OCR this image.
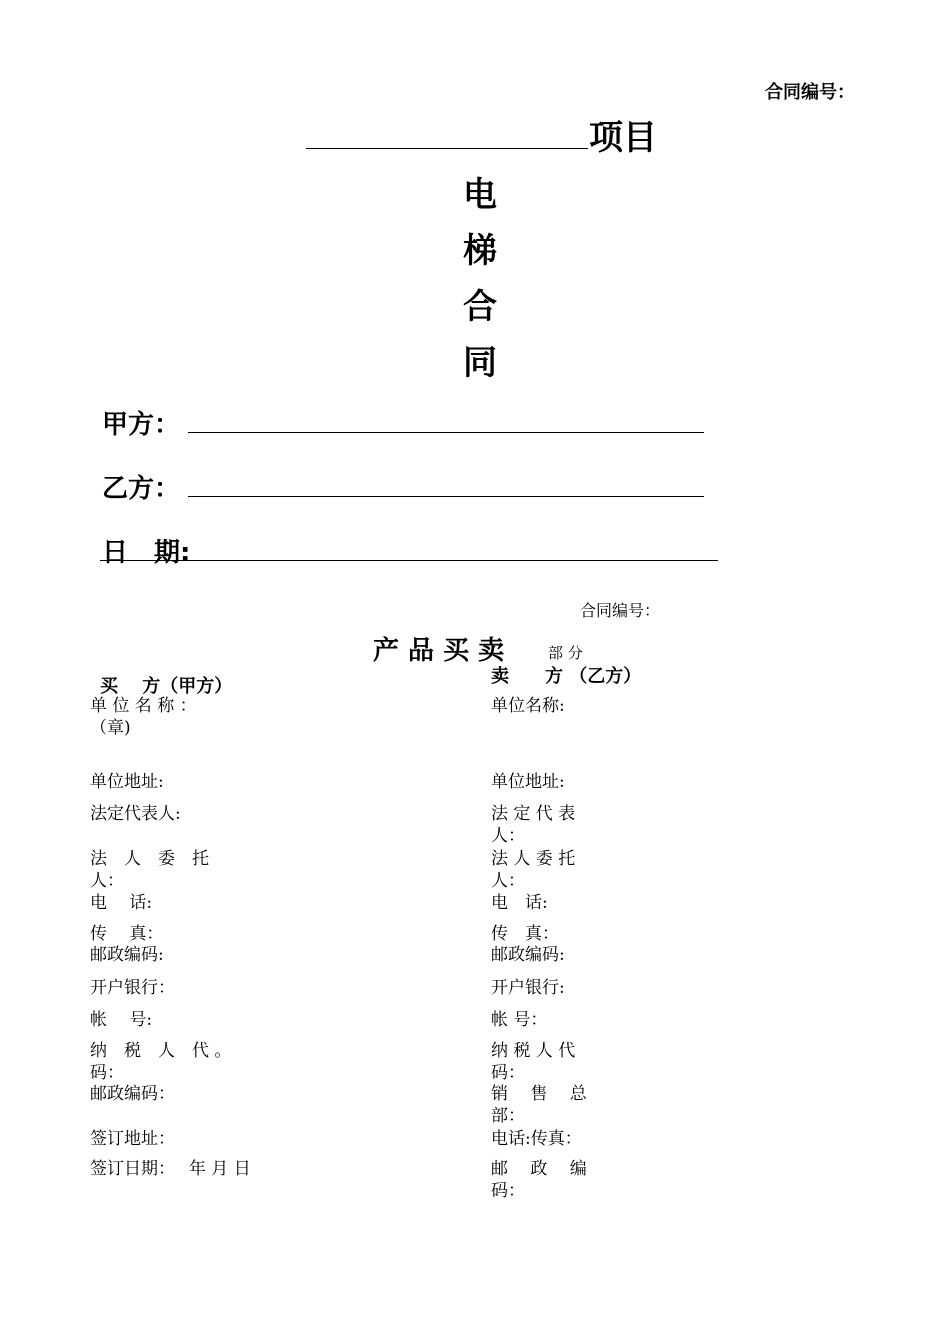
合同编号：
项目
电
梯
合
同
甲方：
乙方：
日　期:
合同编号：
产 品 买 卖	部 分
买　 方（甲方）	卖　　方 （乙方）
单 位 名 称 ：
（章)
单位地址:
法定代表人:
法　人　委　托
人：
电　 话:
传　 真：
邮政编码:
开户银行：
帐　 号:
纳　税　人　代 。
码：
邮政编码：
签订地址：
签订日期：　 年 月 日
单位名称:
单位地址:
法 定 代 表
人：
法 人 委 托
人：
电　话:
传　真：
邮政编码:
开户银行:
帐 号：
纳 税 人 代
码：
销　 售　 总
部：
电话:传真：
邮　 政　 编
码：
